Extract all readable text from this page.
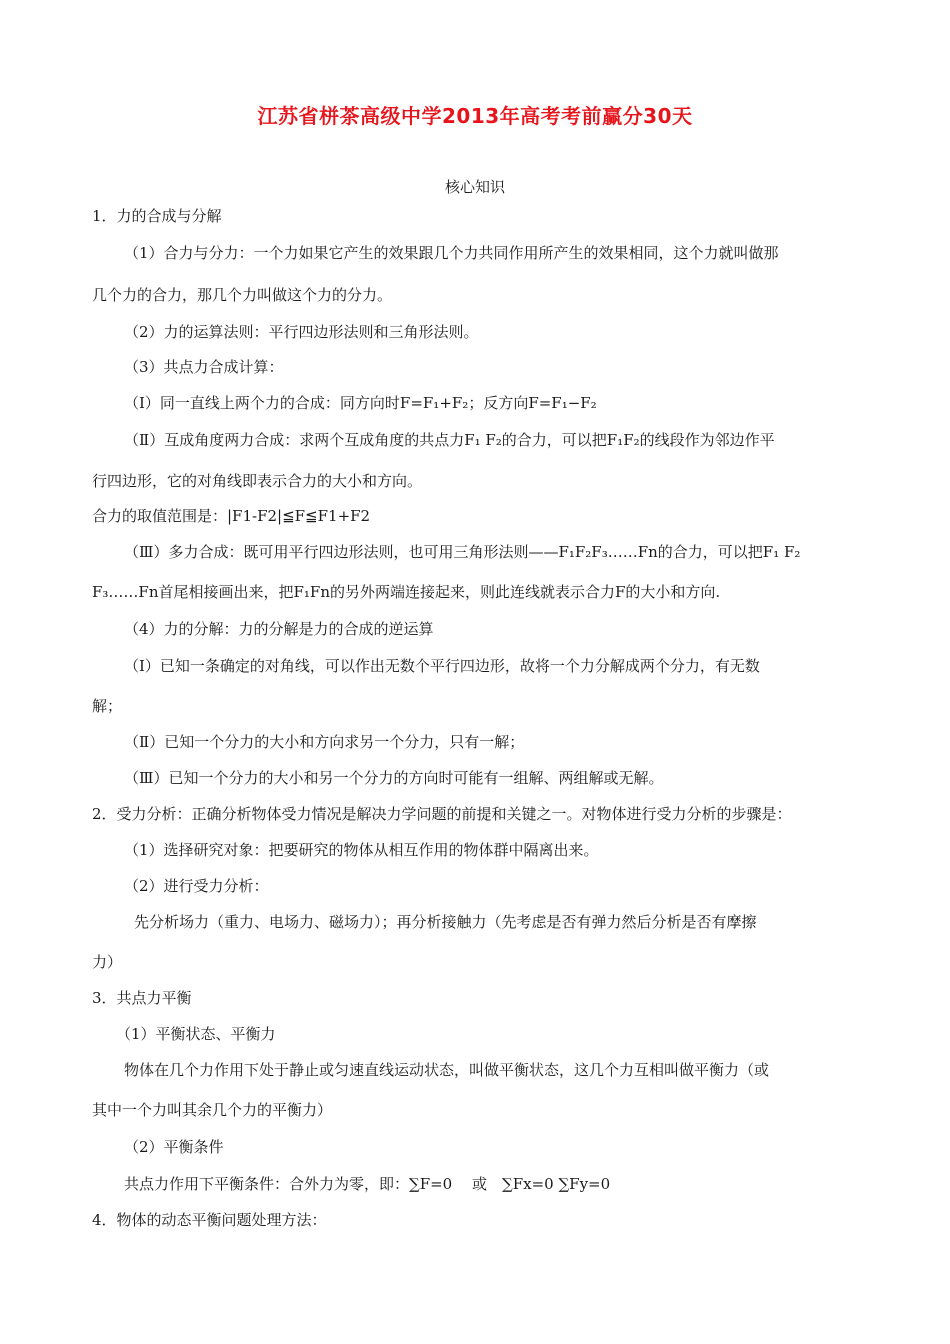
江苏省栟茶高级中学2013年高考考前赢分30天
核心知识
1．力的合成与分解
（1）合力与分力：一个力如果它产生的效果跟几个力共同作用所产生的效果相同，这个力就叫做那
几个力的合力，那几个力叫做这个力的分力。
（2）力的运算法则：平行四边形法则和三角形法则。
（3）共点力合成计算：
（Ⅰ）同一直线上两个力的合成：同方向时F=F₁+F₂；反方向F=F₁−F₂
（Ⅱ）互成角度两力合成：求两个互成角度的共点力F₁ F₂的合力，可以把F₁F₂的线段作为邻边作平
行四边形，它的对角线即表示合力的大小和方向。
合力的取值范围是：|F1-F2|≦F≦F1+F2
（Ⅲ）多力合成：既可用平行四边形法则，也可用三角形法则——F₁F₂F₃……Fn的合力，可以把F₁ F₂
F₃……Fn首尾相接画出来，把F₁Fn的另外两端连接起来，则此连线就表示合力F的大小和方向.
（4）力的分解：力的分解是力的合成的逆运算
（Ⅰ）已知一条确定的对角线，可以作出无数个平行四边形，故将一个力分解成两个分力，有无数
解；
（Ⅱ）已知一个分力的大小和方向求另一个分力，只有一解；
（Ⅲ）已知一个分力的大小和另一个分力的方向时可能有一组解、两组解或无解。
2．受力分析：正确分析物体受力情况是解决力学问题的前提和关键之一。对物体进行受力分析的步骤是：
（1）选择研究对象：把要研究的物体从相互作用的物体群中隔离出来。
（2）进行受力分析：
先分析场力（重力、电场力、磁场力）；再分析接触力（先考虑是否有弹力然后分析是否有摩擦
力）
3．共点力平衡
（1）平衡状态、平衡力
物体在几个力作用下处于静止或匀速直线运动状态，叫做平衡状态，这几个力互相叫做平衡力（或
其中一个力叫其余几个力的平衡力）
（2）平衡条件
共点力作用下平衡条件：合外力为零，即：∑F=0　 或　∑Fx=0 ∑Fy=0
4．物体的动态平衡问题处理方法：
